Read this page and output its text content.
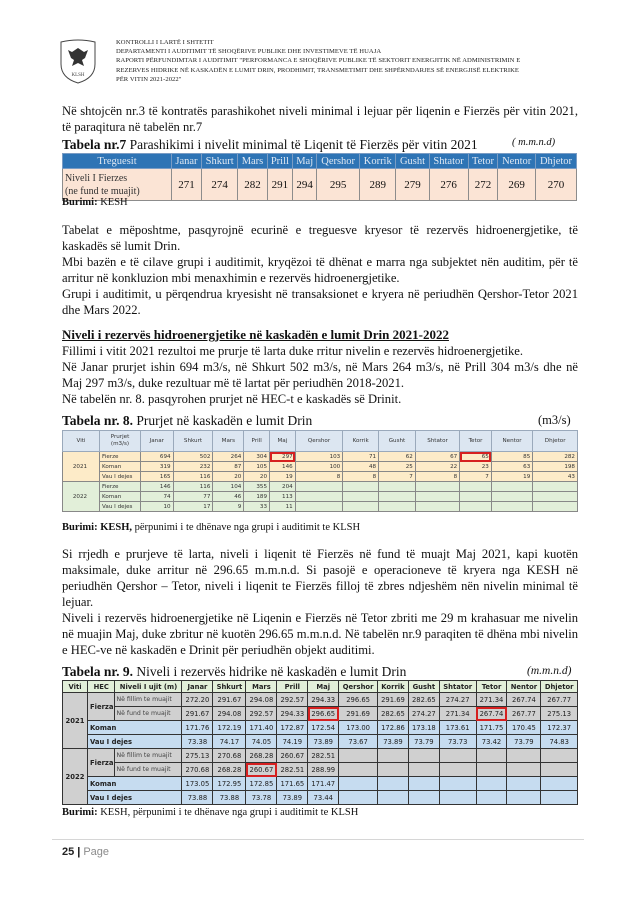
KLSH
KONTROLLI I LARTË I SHTETIT
DEPARTAMENTI I AUDITIMIT TË SHOQËRIVE PUBLIKE DHE INVESTIMEVE TË HUAJA
RAPORTI PËRFUNDIMTAR I AUDITIMIT "PERFORMANCA E SHOQËRIVE PUBLIKE TË SEKTORIT ENERGJITIK NË ADMINISTRIMIN E
REZERVES HIDRIKE NË KASKADËN E LUMIT DRIN, PRODHIMIT, TRANSMETIMIT DHE SHPËRNDARJES SË ENERGJISË ELEKTRIKE
PËR VITIN 2021-2022"
Në shtojcën nr.3 të kontratës parashikohet niveli minimal i lejuar për liqenin e Fierzës për vitin 2021,
të paraqitura në tabelën nr.7
Tabela nr.7 Parashikimi i nivelit minimal të Liqenit të Fierzës për vitin 2021	( m.m.n.d)
Treguesit	Janar	Shkurt	Mars	Prill	Maj	Qershor	Korrik	Gusht	Shtator	Tetor	Nentor	Dhjetor
Niveli I Fierzes
(ne fund te muajit)	271	274	282	291	294	295	289	279	276	272	269	270
Burimi: KESH
Tabelat e mëposhtme, pasqyrojnë ecurinë e treguesve kryesor të rezervës hidroenergjetike, të
kaskadës së lumit Drin.
Mbi bazën e të cilave grupi i auditimit, kryqëzoi të dhënat e marra nga subjektet nën auditim, për të
arritur në konkluzion mbi menaxhimin e rezervës hidroenergjetike.
Grupi i auditimit, u përqendrua kryesisht në transaksionet e kryera në periudhën Qershor-Tetor 2021
dhe Mars 2022.
Niveli i rezervës hidroenergjetike në kaskadën e lumit Drin 2021-2022
Fillimi i vitit 2021 rezultoi me prurje të larta duke rritur nivelin e rezervës hidroenergjetike.
Në Janar prurjet ishin 694 m3/s, në Shkurt 502 m3/s, në Mars 264 m3/s, në Prill 304 m3/s dhe në
Maj 297 m3/s, duke rezultuar më të lartat për periudhën 2018-2021.
Në tabelën nr. 8. pasqyrohen prurjet në HEC-t e kaskadës së Drinit.
Tabela nr. 8. Prurjet në kaskadën e lumit Drin	(m3/s)
Viti	Prurjet (m3/s)	Janar	Shkurt	Mars	Prill	Maj	Qershor	Korrik	Gusht	Shtator	Tetor	Nentor	Dhjetor
2021	Fierze	694	502	264	304	297	103	71	62	67	65	85	282
	Koman	319	232	87	105	146	100	48	25	22	23	63	198
	Vau I dejes	165	116	20	20	19	8	8	7	8	7	19	43
2022	Fierze	146	116	104	355	204							
	Koman	74	77	46	189	113							
	Vau I dejes	10	17	9	33	11							
Burimi: KESH, përpunimi i te dhënave nga grupi i auditimit te KLSH
Si rrjedh e prurjeve të larta, niveli i liqenit të Fierzës në fund të muajt Maj 2021, kapi kuotën
maksimale, duke arritur në 296.65 m.m.n.d. Si pasojë e operacioneve të kryera nga KESH në
periudhën Qershor – Tetor, niveli i liqenit te Fierzës filloj të zbres ndjeshëm nën nivelin minimal të
lejuar.
Niveli i rezervës hidroenergjetike në Liqenin e Fierzës në Tetor zbriti me 29 m krahasuar me nivelin
në muajin Maj, duke zbritur në kuotën 296.65 m.m.n.d. Në tabelën nr.9 paraqiten të dhëna mbi nivelin
e HEC-ve në kaskadën e Drinit për periudhën objekt auditimi.
Tabela nr. 9. Niveli i rezervës hidrike në kaskadën e lumit Drin	(m.m.n.d)
Viti	HEC	Niveli I ujit (m)	Janar	Shkurt	Mars	Prill	Maj	Qershor	Korrik	Gusht	Shtator	Tetor	Nentor	Dhjetor
2021	Fierza	Në fillim te muajit	272.20	291.67	294.08	292.57	294.33	296.65	291.69	282.65	274.27	271.34	267.74	267.77
		Në fund te muajit	291.67	294.08	292.57	294.33	296.65	291.69	282.65	274.27	271.34	267.74	267.77	275.13
	Koman		171.76	172.19	171.40	172.87	172.54	173.00	172.86	173.18	173.61	171.75	170.45	172.37
	Vau I dejes		73.38	74.17	74.05	74.19	73.89	73.67	73.89	73.79	73.73	73.42	73.79	74.83
2022	Fierza	Në fillim te muajit	275.13	270.68	268.28	260.67	282.51							
		Në fund te muajit	270.68	268.28	260.67	282.51	288.99							
	Koman		173.05	172.95	172.85	171.65	171.47							
	Vau I dejes		73.88	73.88	73.78	73.89	73.44							
Burimi: KESH, përpunimi i te dhënave nga grupi i auditimit te KLSH
25 | Page
